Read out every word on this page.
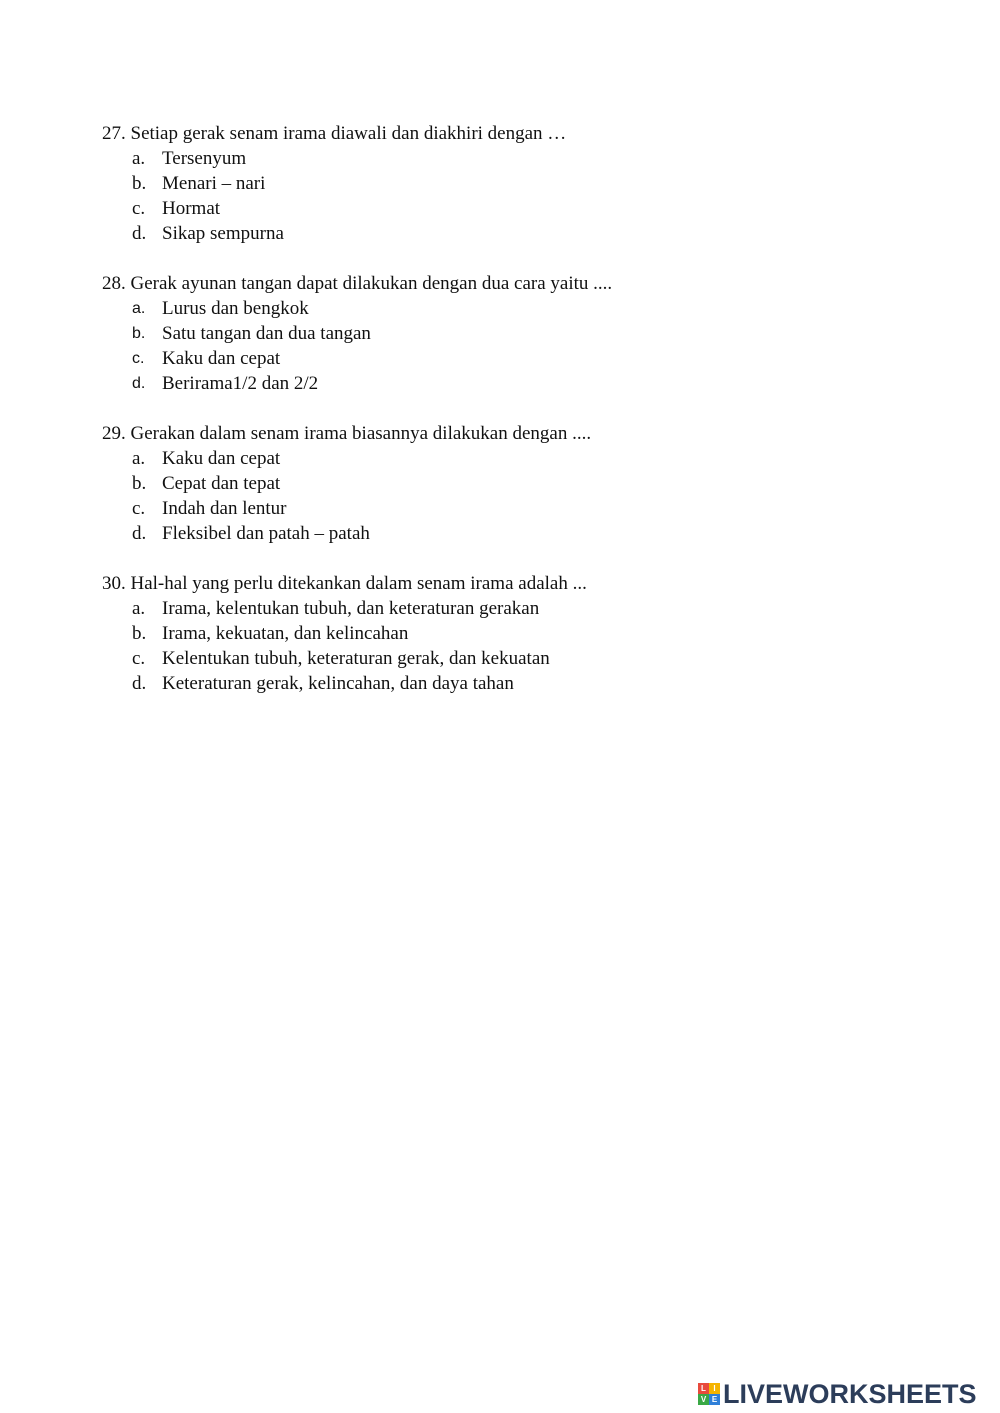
27. Setiap gerak senam irama diawali dan diakhiri dengan …
a. Tersenyum
b. Menari – nari
c. Hormat
d. Sikap sempurna
28. Gerak ayunan tangan dapat dilakukan dengan dua cara yaitu ....
a. Lurus dan bengkok
b. Satu tangan dan dua tangan
c. Kaku dan cepat
d. Berirama1/2 dan 2/2
29. Gerakan dalam senam irama biasannya dilakukan dengan ....
a. Kaku dan cepat
b. Cepat dan tepat
c. Indah dan lentur
d. Fleksibel dan patah – patah
30. Hal-hal yang perlu ditekankan dalam senam irama adalah ...
a. Irama, kelentukan tubuh, dan keteraturan gerakan
b. Irama, kekuatan, dan kelincahan
c. Kelentukan tubuh, keteraturan gerak, dan kekuatan
d. Keteraturan gerak, kelincahan, dan daya tahan
L I
V E LIVEWORKSHEETS
